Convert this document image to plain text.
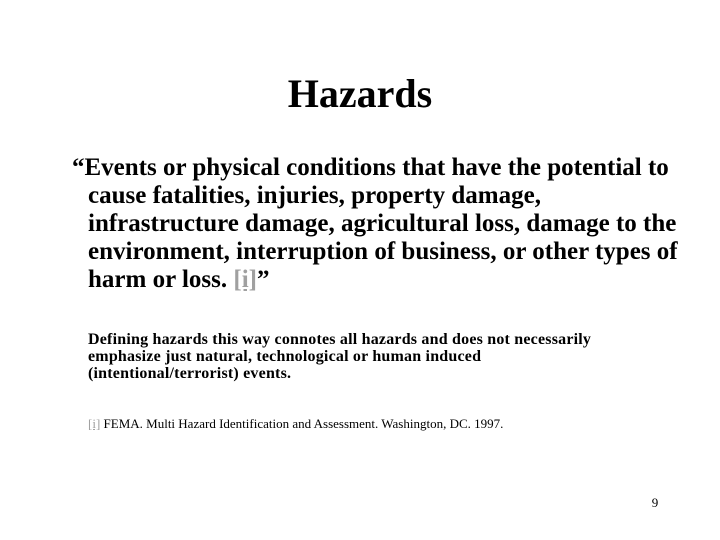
Hazards
“Events or physical conditions that have the potential to cause fatalities, injuries, property damage, infrastructure damage, agricultural loss, damage to the environment, interruption of business, or other types of harm or loss. [i]”
Defining hazards this way connotes all hazards and does not necessarily emphasize just natural, technological or human induced (intentional/terrorist) events.
[i] FEMA. Multi Hazard Identification and Assessment. Washington, DC. 1997.
9
